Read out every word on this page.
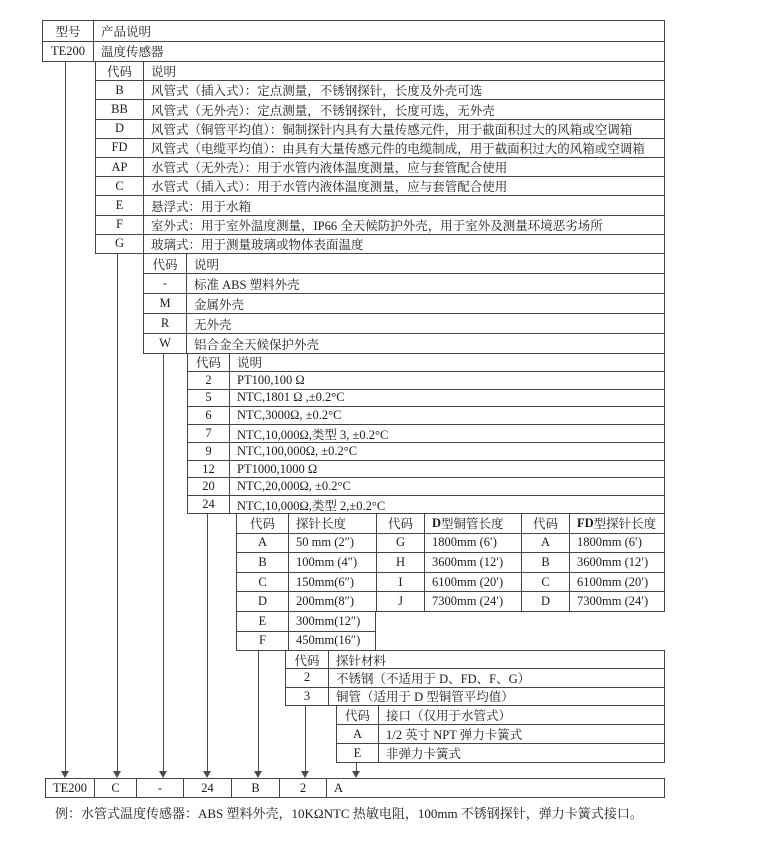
型号	产品说明
TE200	温度传感器
代码	说明
B	风管式（插入式）：定点测量，不锈钢探针，长度及外壳可选
BB	风管式（无外壳）：定点测量，不锈钢探针，长度可选，无外壳
D	风管式（铜管平均值）：铜制探针内具有大量传感元件，用于截面积过大的风箱或空调箱
FD	风管式（电缆平均值）：由具有大量传感元件的电缆制成，用于截面积过大的风箱或空调箱
AP	水管式（无外壳）：用于水管内液体温度测量，应与套管配合使用
C	水管式（插入式）：用于水管内液体温度测量，应与套管配合使用
E	悬浮式：用于水箱
F	室外式：用于室外温度测量，IP66 全天候防护外壳，用于室外及测量环境恶劣场所
G	玻璃式：用于测量玻璃或物体表面温度
代码	说明
-	标准 ABS 塑料外壳
M	金属外壳
R	无外壳
W	铝合金全天候保护外壳
代码	说明
2	PT100,100 Ω
5	NTC,1801 Ω ,±0.2°C
6	NTC,3000Ω, ±0.2°C
7	NTC,10,000Ω,类型 3, ±0.2°C
9	NTC,100,000Ω, ±0.2°C
12	PT1000,1000 Ω
20	NTC,20,000Ω, ±0.2°C
24	NTC,10,000Ω,类型 2,±0.2°C
代码	探针长度	代码	D 型铜管长度	代码	FD 型探针长度
A	50 mm (2″)	G	1800mm (6′)	A	1800mm (6′)
B	100mm (4″)	H	3600mm (12′)	B	3600mm (12′)
C	150mm(6″)	I	6100mm (20′)	C	6100mm (20′)
D	200mm(8″)	J	7300mm (24′)	D	7300mm (24′)
E	300mm(12″)
F	450mm(16″)
代码	探针材料
2	不锈钢（不适用于 D、FD、F、G）
3	铜管（适用于 D 型铜管平均值）
代码	接口（仅用于水管式）
A	1/2 英寸 NPT 弹力卡簧式
E	非弹力卡簧式
TE200	C	-	24	B	2	A
例：水管式温度传感器：ABS 塑料外壳，10KΩNTC 热敏电阻，100mm 不锈钢探针，弹力卡簧式接口。
